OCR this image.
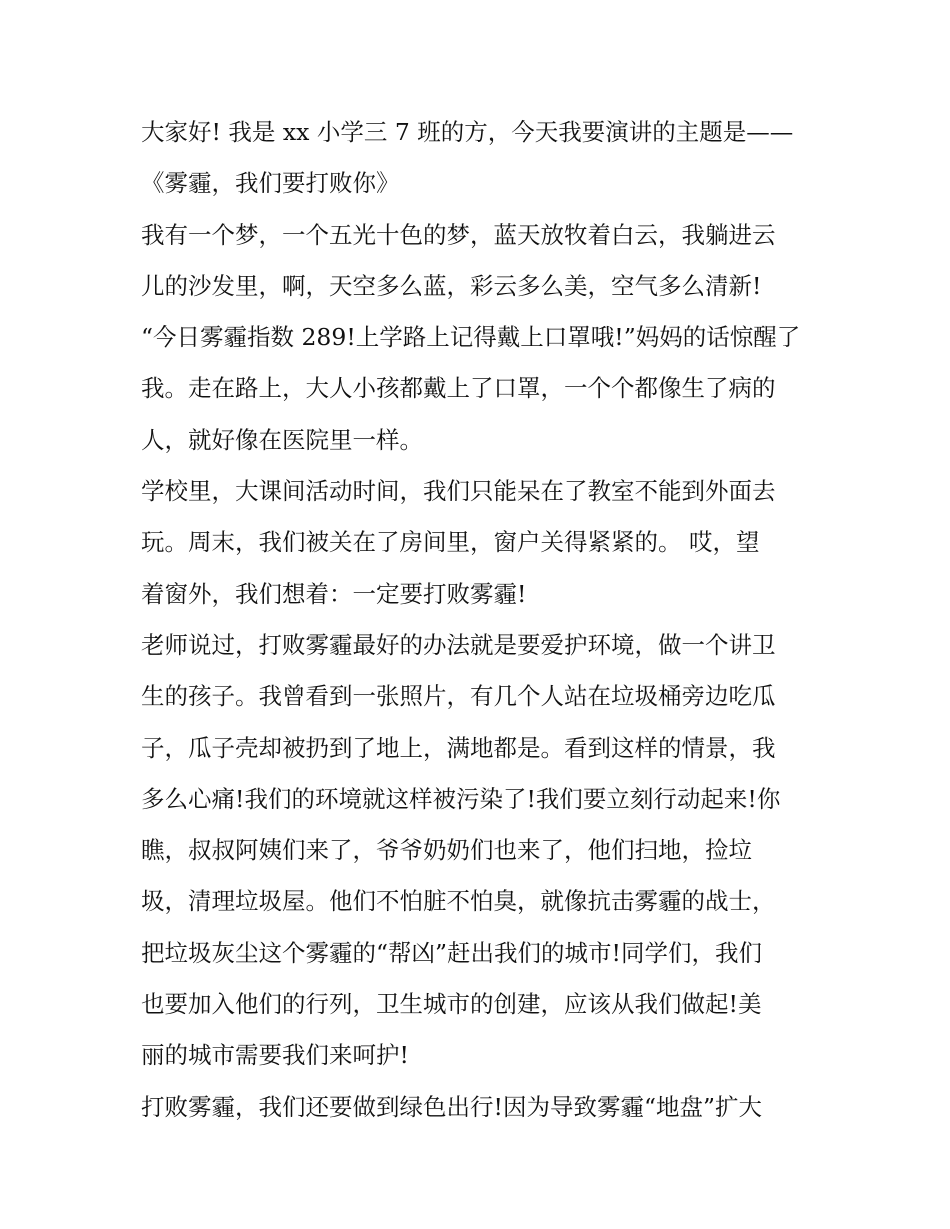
大家好! 我是 xx 小学三 7 班的方，今天我要演讲的主题是——
《雾霾，我们要打败你》
我有一个梦，一个五光十色的梦，蓝天放牧着白云，我躺进云
儿的沙发里，啊，天空多么蓝，彩云多么美，空气多么清新!
“今日雾霾指数 289!上学路上记得戴上口罩哦!”妈妈的话惊醒了
我。走在路上，大人小孩都戴上了口罩，一个个都像生了病的
人，就好像在医院里一样。
学校里，大课间活动时间，我们只能呆在了教室不能到外面去
玩。周末，我们被关在了房间里，窗户关得紧紧的。 哎，望
着窗外，我们想着：一定要打败雾霾!
老师说过，打败雾霾最好的办法就是要爱护环境，做一个讲卫
生的孩子。我曾看到一张照片，有几个人站在垃圾桶旁边吃瓜
子，瓜子壳却被扔到了地上，满地都是。看到这样的情景，我
多么心痛!我们的环境就这样被污染了!我们要立刻行动起来!你
瞧，叔叔阿姨们来了，爷爷奶奶们也来了，他们扫地，捡垃
圾，清理垃圾屋。他们不怕脏不怕臭，就像抗击雾霾的战士，
把垃圾灰尘这个雾霾的“帮凶”赶出我们的城市!同学们，我们
也要加入他们的行列，卫生城市的创建，应该从我们做起!美
丽的城市需要我们来呵护!
打败雾霾，我们还要做到绿色出行!因为导致雾霾“地盘”扩大
